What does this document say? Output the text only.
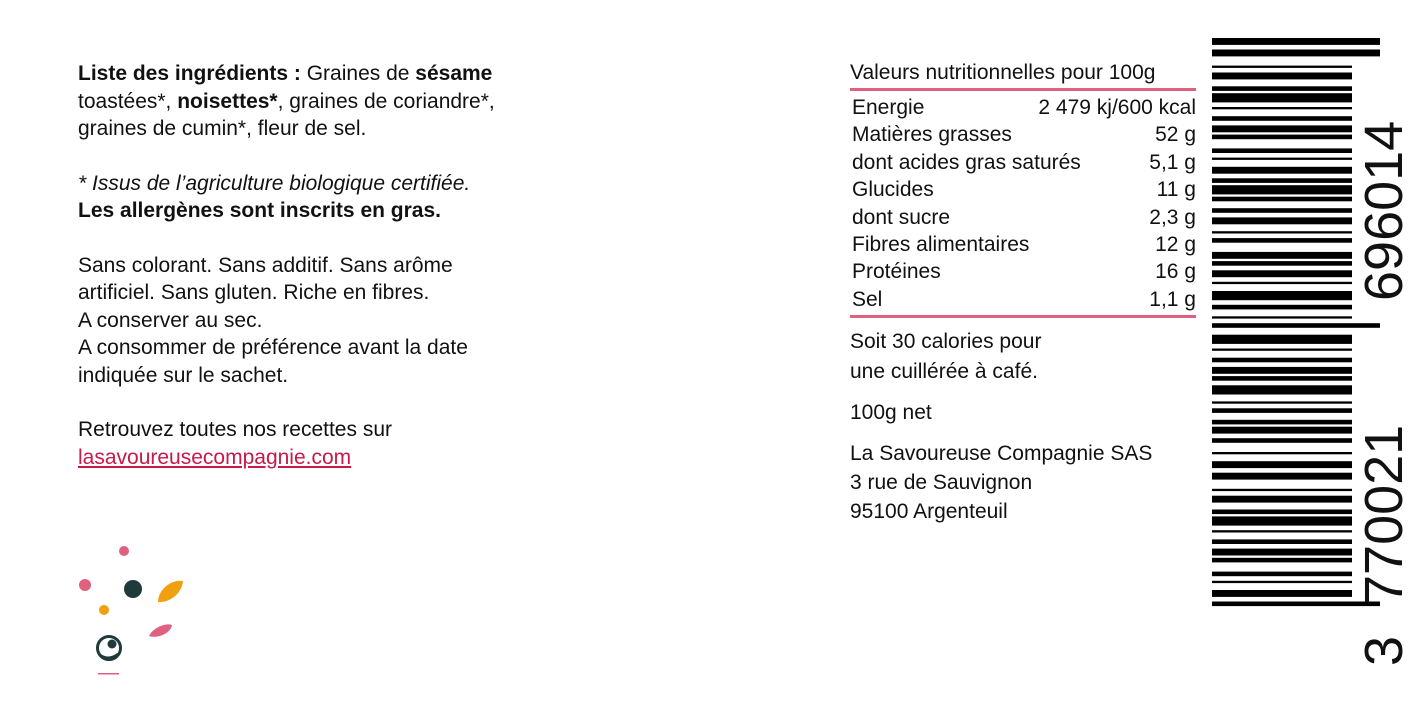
Liste des ingrédients : Graines de sésame

toastées*, noisettes*, graines de coriandre*,

graines de cumin*, fleur de sel.

* Issus de l’agriculture biologique certifiée.

Les allergènes sont inscrits en gras.

Sans colorant. Sans additif. Sans arôme

artificiel. Sans gluten. Riche en fibres.

A conserver au sec.

A consommer de préférence avant la date

indiquée sur le sachet.

Retrouvez toutes nos recettes sur

lasavoureusecompagnie.com

Valeurs nutritionnelles pour 100g
Energie	2 479 kj/600 kcal
Matières grasses	52 g
dont acides gras saturés	5,1 g
Glucides	11 g
dont sucre	2,3 g
Fibres alimentaires	12 g
Protéines	16 g
Sel	1,1 g
Soit 30 calories pour
une cuillérée à café.
100g net
La Savoureuse Compagnie SAS
3 rue de Sauvignon
95100 Argenteuil
3
770021
696014
